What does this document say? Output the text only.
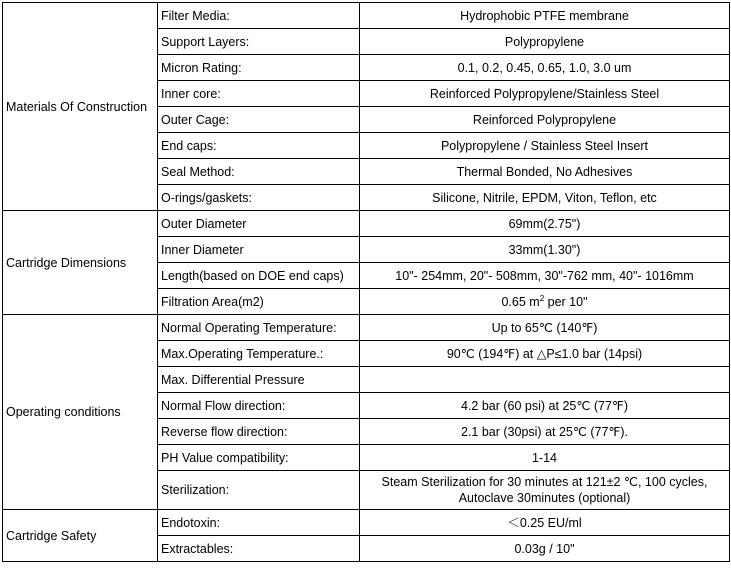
Materials Of Construction	Filter Media:	Hydrophobic PTFE membrane
	Support Layers:	Polypropylene
	Micron Rating:	0.1, 0.2, 0.45, 0.65, 1.0, 3.0 um
	Inner core:	Reinforced Polypropylene/Stainless Steel
	Outer Cage:	Reinforced Polypropylene
	End caps:	Polypropylene / Stainless Steel Insert
	Seal Method:	Thermal Bonded, No Adhesives
	O-rings/gaskets:	Silicone, Nitrile, EPDM, Viton, Teflon, etc
Cartridge Dimensions	Outer Diameter	69mm(2.75")
	Inner Diameter	33mm(1.30")
	Length(based on DOE end caps)	10"- 254mm, 20"- 508mm, 30"-762 mm, 40"- 1016mm
	Filtration Area(m2)	0.65 $m^2$ per 10"
Operating conditions	Normal Operating Temperature:	Up to 65℃ (140℉)
	Max.Operating Temperature.:	90℃ (194℉) at △P≤1.0 bar (14psi)
	Max. Differential Pressure	
	Normal Flow direction:	4.2 bar (60 psi) at 25℃ (77℉)
	Reverse flow direction:	2.1 bar (30psi) at 25℃ (77℉).
	PH Value compatibility:	1-14
	Sterilization:	Steam Sterilization for 30 minutes at 121±2 ℃, 100 cycles,
Autoclave 30minutes (optional)
Cartridge Safety	Endotoxin:	＜0.25 EU/ml
	Extractables:	0.03g / 10"
